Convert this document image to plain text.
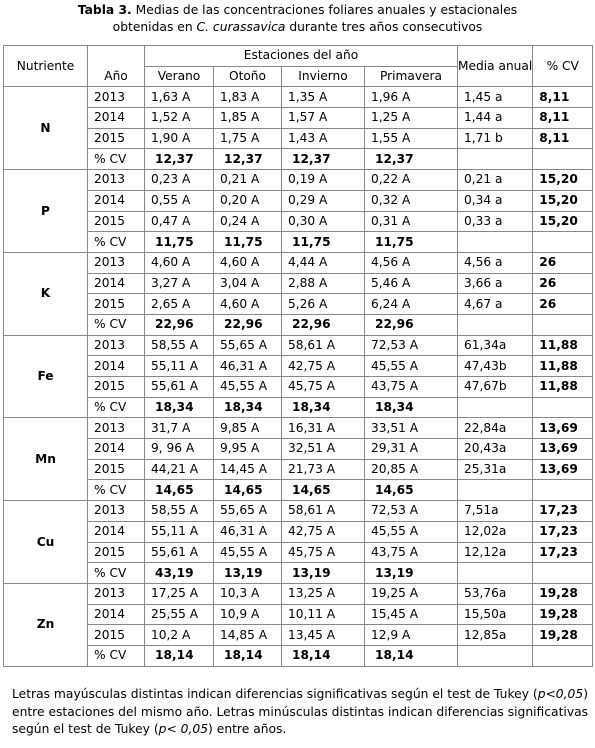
Tabla 3. Medias de las concentraciones foliares anuales y estacionales
obtenidas en C. curassavica durante tres años consecutivos
Nutriente	Año	Estaciones del año				Media anual	% CV
		Verano	Otoño	Invierno	Primavera		
N	2013	1,63 A	1,83 A	1,35 A	1,96 A	1,45 a	8,11
	2014	1,52 A	1,85 A	1,57 A	1,25 A	1,44 a	8,11
	2015	1,90 A	1,75 A	1,43 A	1,55 A	1,71 b	8,11
	% CV	12,37	12,37	12,37	12,37		
P	2013	0,23 A	0,21 A	0,19 A	0,22 A	0,21 a	15,20
	2014	0,55 A	0,20 A	0,29 A	0,32 A	0,34 a	15,20
	2015	0,47 A	0,24 A	0,30 A	0,31 A	0,33 a	15,20
	% CV	11,75	11,75	11,75	11,75		
K	2013	4,60 A	4,60 A	4,44 A	4,56 A	4,56 a	26
	2014	3,27 A	3,04 A	2,88 A	5,46 A	3,66 a	26
	2015	2,65 A	4,60 A	5,26 A	6,24 A	4,67 a	26
	% CV	22,96	22,96	22,96	22,96		
Fe	2013	58,55 A	55,65 A	58,61 A	72,53 A	61,34a	11,88
	2014	55,11 A	46,31 A	42,75 A	45,55 A	47,43b	11,88
	2015	55,61 A	45,55 A	45,75 A	43,75 A	47,67b	11,88
	% CV	18,34	18,34	18,34	18,34		
Mn	2013	31,7 A	9,85 A	16,31 A	33,51 A	22,84a	13,69
	2014	9, 96 A	9,95 A	32,51 A	29,31 A	20,43a	13,69
	2015	44,21 A	14,45 A	21,73 A	20,85 A	25,31a	13,69
	% CV	14,65	14,65	14,65	14,65		
Cu	2013	58,55 A	55,65 A	58,61 A	72,53 A	7,51a	17,23
	2014	55,11 A	46,31 A	42,75 A	45,55 A	12,02a	17,23
	2015	55,61 A	45,55 A	45,75 A	43,75 A	12,12a	17,23
	% CV	43,19	13,19	13,19	13,19		
Zn	2013	17,25 A	10,3 A	13,25 A	19,25 A	53,76a	19,28
	2014	25,55 A	10,9 A	10,11 A	15,45 A	15,50a	19,28
	2015	10,2 A	14,85 A	13,45 A	12,9 A	12,85a	19,28
	% CV	18,14	18,14	18,14	18,14		
Letras mayúsculas distintas indican diferencias significativas según el test de Tukey (p<0,05) entre estaciones del mismo año. Letras minúsculas distintas indican diferencias significativas según el test de Tukey (p< 0,05) entre años.
